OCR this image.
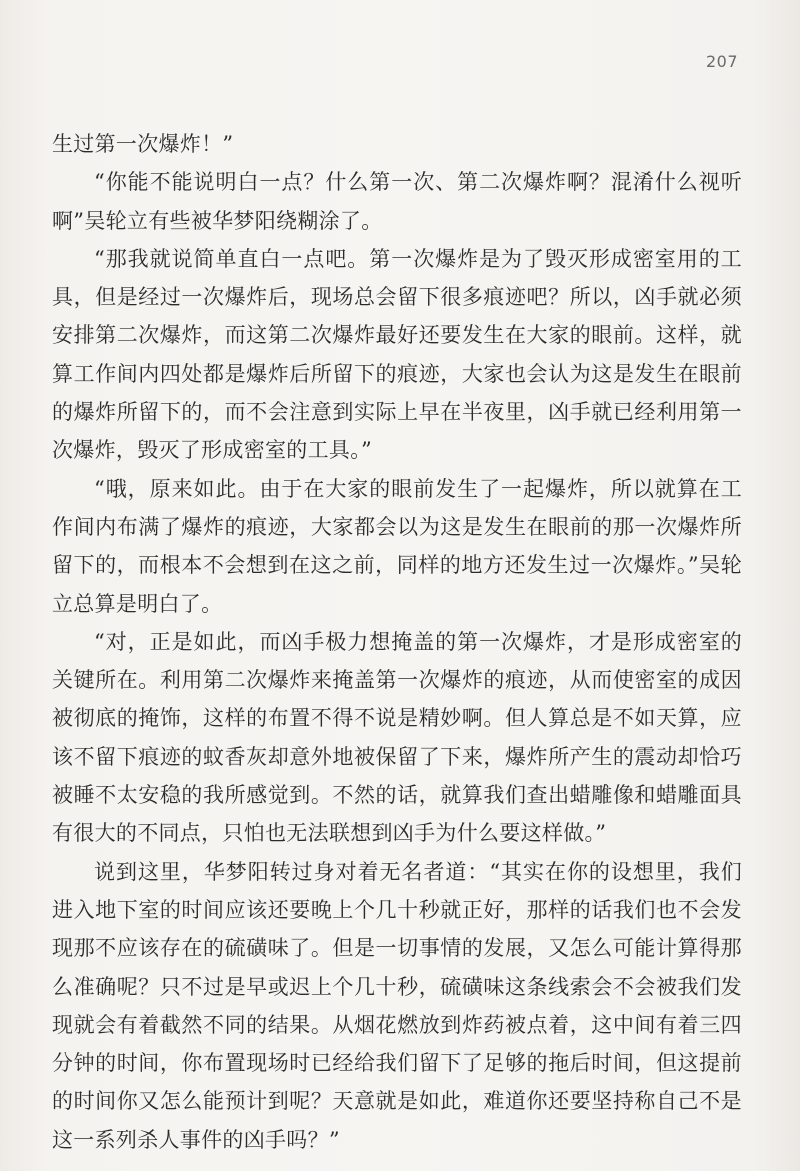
207

生过第一次爆炸！”

“你能不能说明白一点？什么第一次、第二次爆炸啊？混淆什么视听啊”吴轮立有些被华梦阳绕糊涂了。

“那我就说简单直白一点吧。第一次爆炸是为了毁灭形成密室用的工具，但是经过一次爆炸后，现场总会留下很多痕迹吧？所以，凶手就必须安排第二次爆炸，而这第二次爆炸最好还要发生在大家的眼前。这样，就算工作间内四处都是爆炸后所留下的痕迹，大家也会认为这是发生在眼前的爆炸所留下的，而不会注意到实际上早在半夜里，凶手就已经利用第一次爆炸，毁灭了形成密室的工具。”

“哦，原来如此。由于在大家的眼前发生了一起爆炸，所以就算在工作间内布满了爆炸的痕迹，大家都会以为这是发生在眼前的那一次爆炸所留下的，而根本不会想到在这之前，同样的地方还发生过一次爆炸。”吴轮立总算是明白了。

“对，正是如此，而凶手极力想掩盖的第一次爆炸，才是形成密室的关键所在。利用第二次爆炸来掩盖第一次爆炸的痕迹，从而使密室的成因被彻底的掩饰，这样的布置不得不说是精妙啊。但人算总是不如天算，应该不留下痕迹的蚊香灰却意外地被保留了下来，爆炸所产生的震动却恰巧被睡不太安稳的我所感觉到。不然的话，就算我们查出蜡雕像和蜡雕面具有很大的不同点，只怕也无法联想到凶手为什么要这样做。”

说到这里，华梦阳转过身对着无名者道：“其实在你的设想里，我们进入地下室的时间应该还要晚上个几十秒就正好，那样的话我们也不会发现那不应该存在的硫磺味了。但是一切事情的发展，又怎么可能计算得那么准确呢？只不过是早或迟上个几十秒，硫磺味这条线索会不会被我们发现就会有着截然不同的结果。从烟花燃放到炸药被点着，这中间有着三四分钟的时间，你布置现场时已经给我们留下了足够的拖后时间，但这提前的时间你又怎么能预计到呢？天意就是如此，难道你还要坚持称自己不是这一系列杀人事件的凶手吗？”
